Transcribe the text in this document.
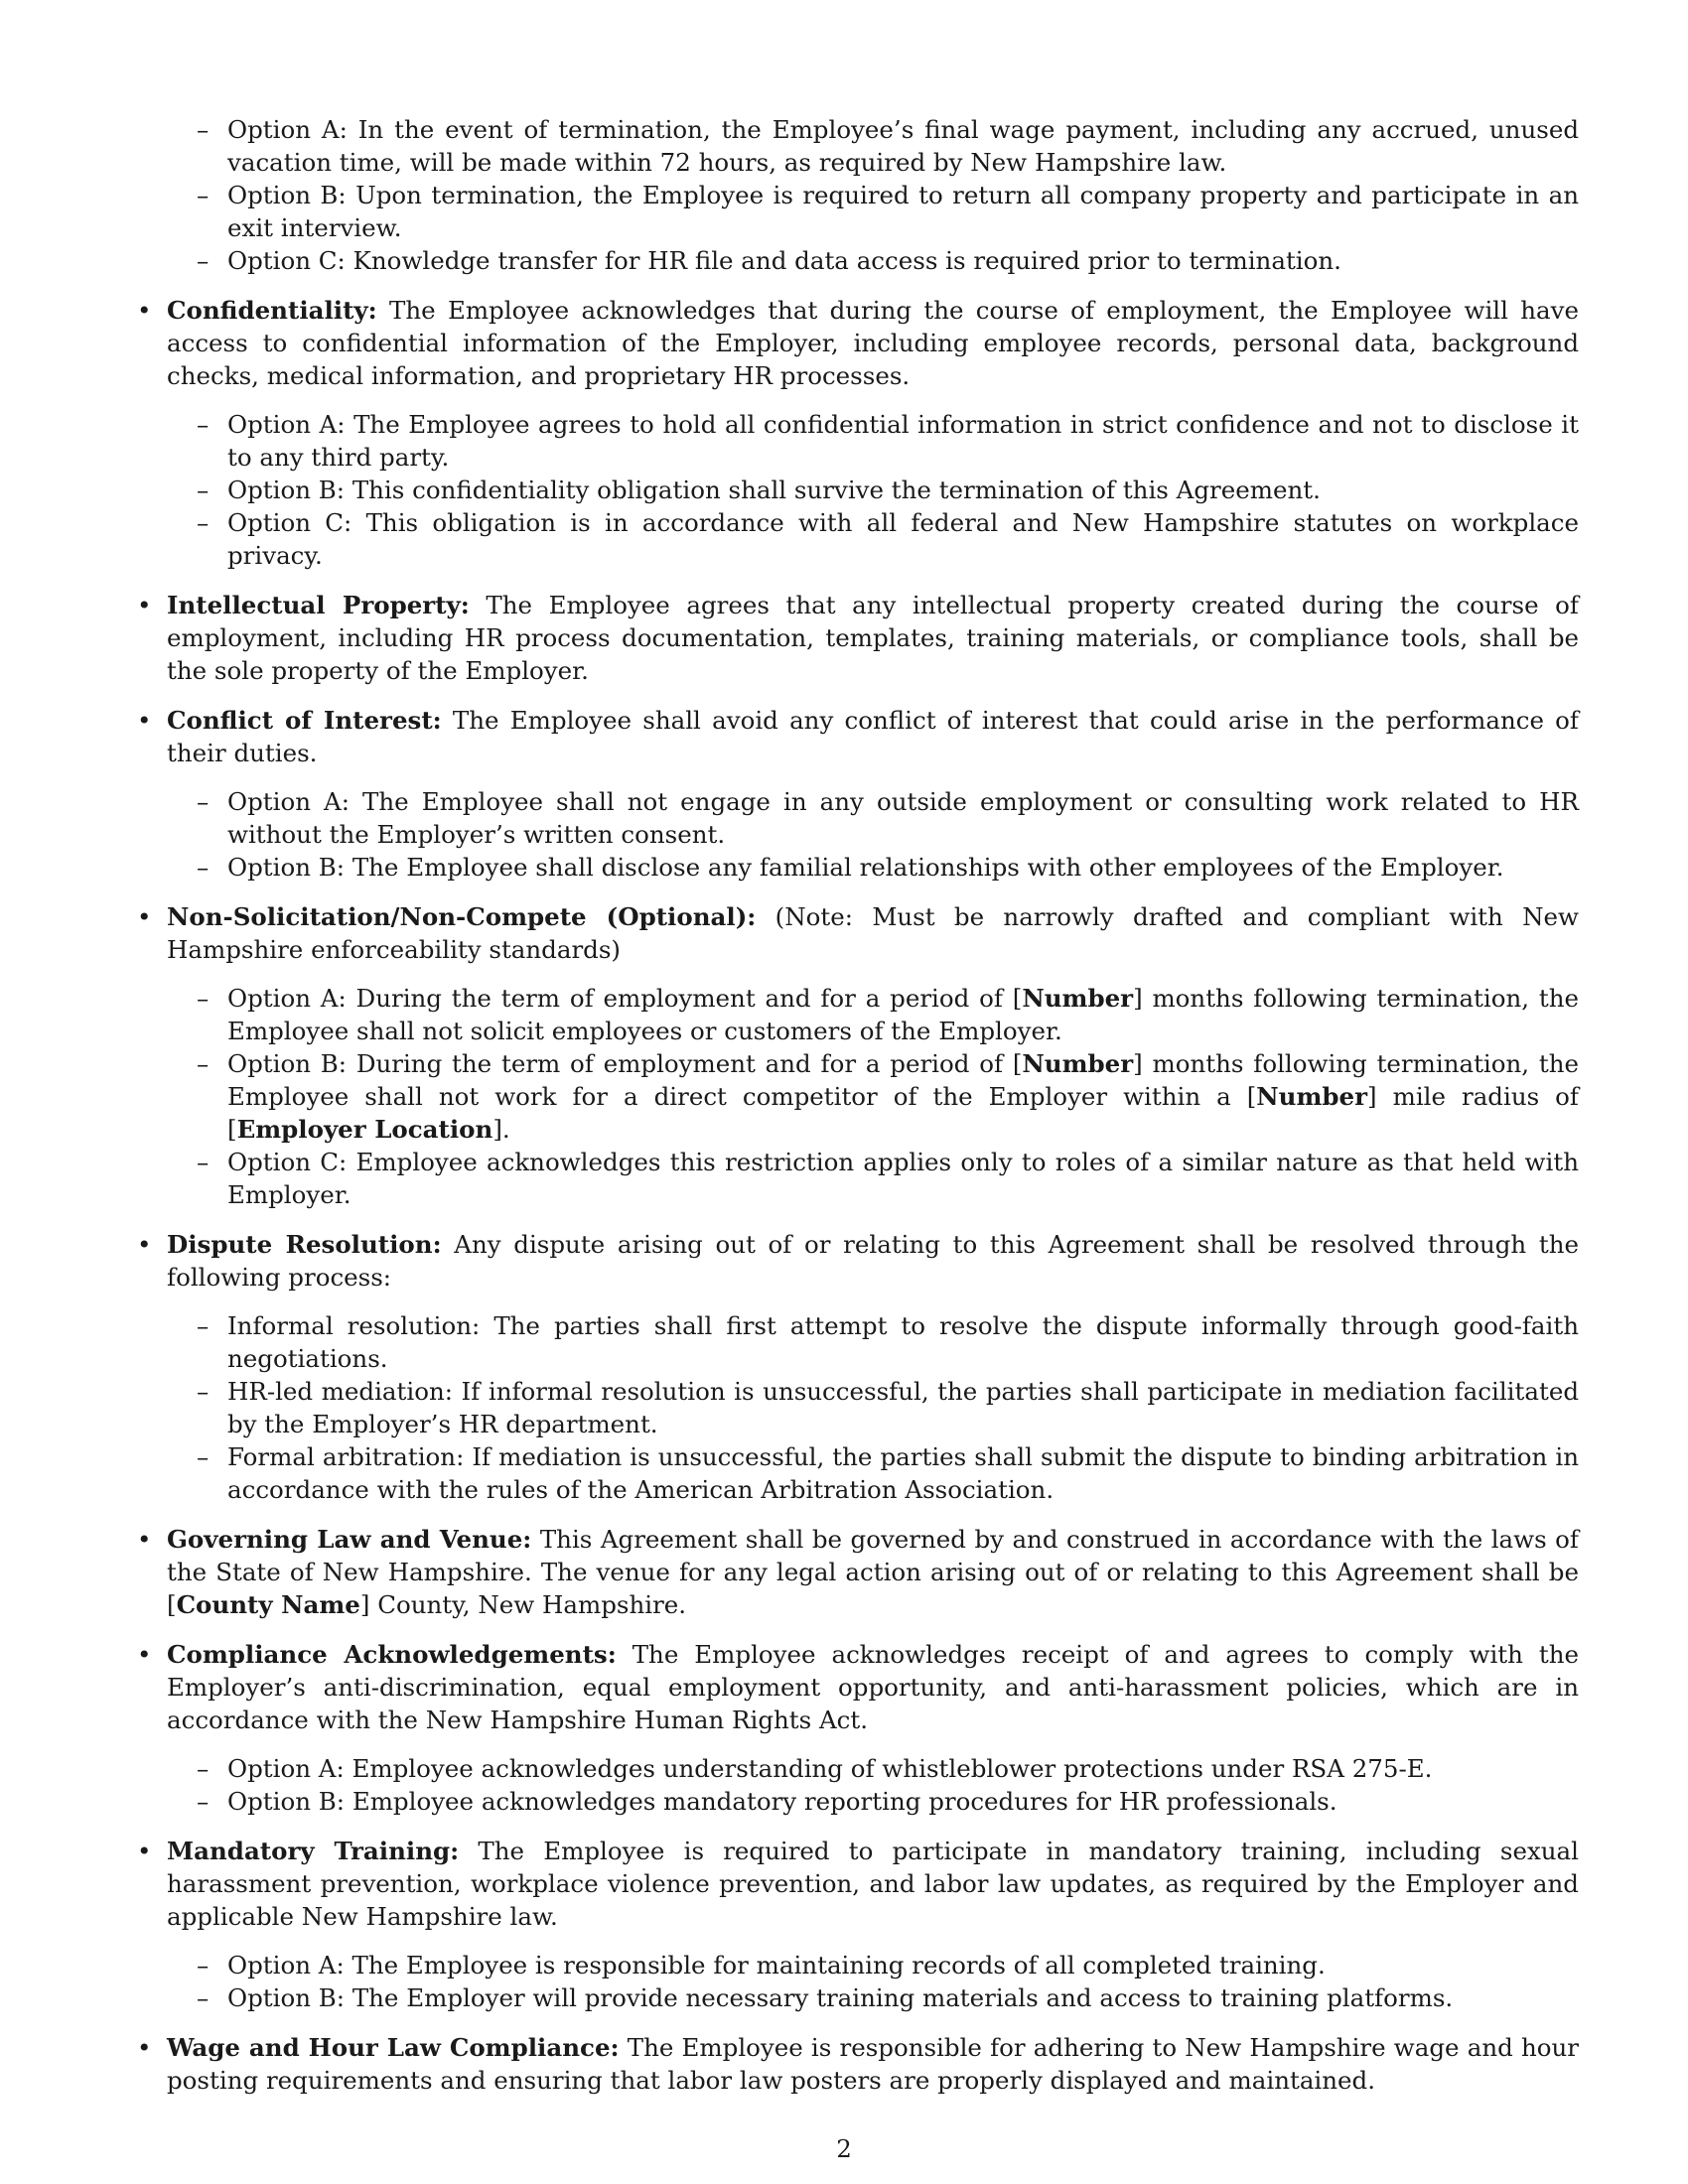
– Option A: In the event of termination, the Employee’s final wage payment, including any accrued, unused vacation time, will be made within 72 hours, as required by New Hampshire law.
– Option B: Upon termination, the Employee is required to return all company property and participate in an exit interview.
– Option C: Knowledge transfer for HR file and data access is required prior to termination.
• Confidentiality: The Employee acknowledges that during the course of employment, the Employee will have access to confidential information of the Employer, including employee records, personal data, background checks, medical information, and proprietary HR processes.
– Option A: The Employee agrees to hold all confidential information in strict confidence and not to disclose it to any third party.
– Option B: This confidentiality obligation shall survive the termination of this Agreement.
– Option C: This obligation is in accordance with all federal and New Hampshire statutes on workplace privacy.
• Intellectual Property: The Employee agrees that any intellectual property created during the course of employment, including HR process documentation, templates, training materials, or compliance tools, shall be the sole property of the Employer.
• Conflict of Interest: The Employee shall avoid any conflict of interest that could arise in the performance of their duties.
– Option A: The Employee shall not engage in any outside employment or consulting work related to HR without the Employer’s written consent.
– Option B: The Employee shall disclose any familial relationships with other employees of the Employer.
• Non-Solicitation/Non-Compete (Optional): (Note: Must be narrowly drafted and compliant with New Hampshire enforceability standards)
– Option A: During the term of employment and for a period of [Number] months following termination, the Employee shall not solicit employees or customers of the Employer.
– Option B: During the term of employment and for a period of [Number] months following termination, the Employee shall not work for a direct competitor of the Employer within a [Number] mile radius of [Employer Location].
– Option C: Employee acknowledges this restriction applies only to roles of a similar nature as that held with Employer.
• Dispute Resolution: Any dispute arising out of or relating to this Agreement shall be resolved through the following process:
– Informal resolution: The parties shall first attempt to resolve the dispute informally through good-faith negotiations.
– HR-led mediation: If informal resolution is unsuccessful, the parties shall participate in mediation facilitated by the Employer’s HR department.
– Formal arbitration: If mediation is unsuccessful, the parties shall submit the dispute to binding arbitration in accordance with the rules of the American Arbitration Association.
• Governing Law and Venue: This Agreement shall be governed by and construed in accordance with the laws of the State of New Hampshire. The venue for any legal action arising out of or relating to this Agreement shall be [County Name] County, New Hampshire.
• Compliance Acknowledgements: The Employee acknowledges receipt of and agrees to comply with the Employer’s anti-discrimination, equal employment opportunity, and anti-harassment policies, which are in accordance with the New Hampshire Human Rights Act.
– Option A: Employee acknowledges understanding of whistleblower protections under RSA 275-E.
– Option B: Employee acknowledges mandatory reporting procedures for HR professionals.
• Mandatory Training: The Employee is required to participate in mandatory training, including sexual harassment prevention, workplace violence prevention, and labor law updates, as required by the Employer and applicable New Hampshire law.
– Option A: The Employee is responsible for maintaining records of all completed training.
– Option B: The Employer will provide necessary training materials and access to training platforms.
• Wage and Hour Law Compliance: The Employee is responsible for adhering to New Hampshire wage and hour posting requirements and ensuring that labor law posters are properly displayed and maintained.
2
